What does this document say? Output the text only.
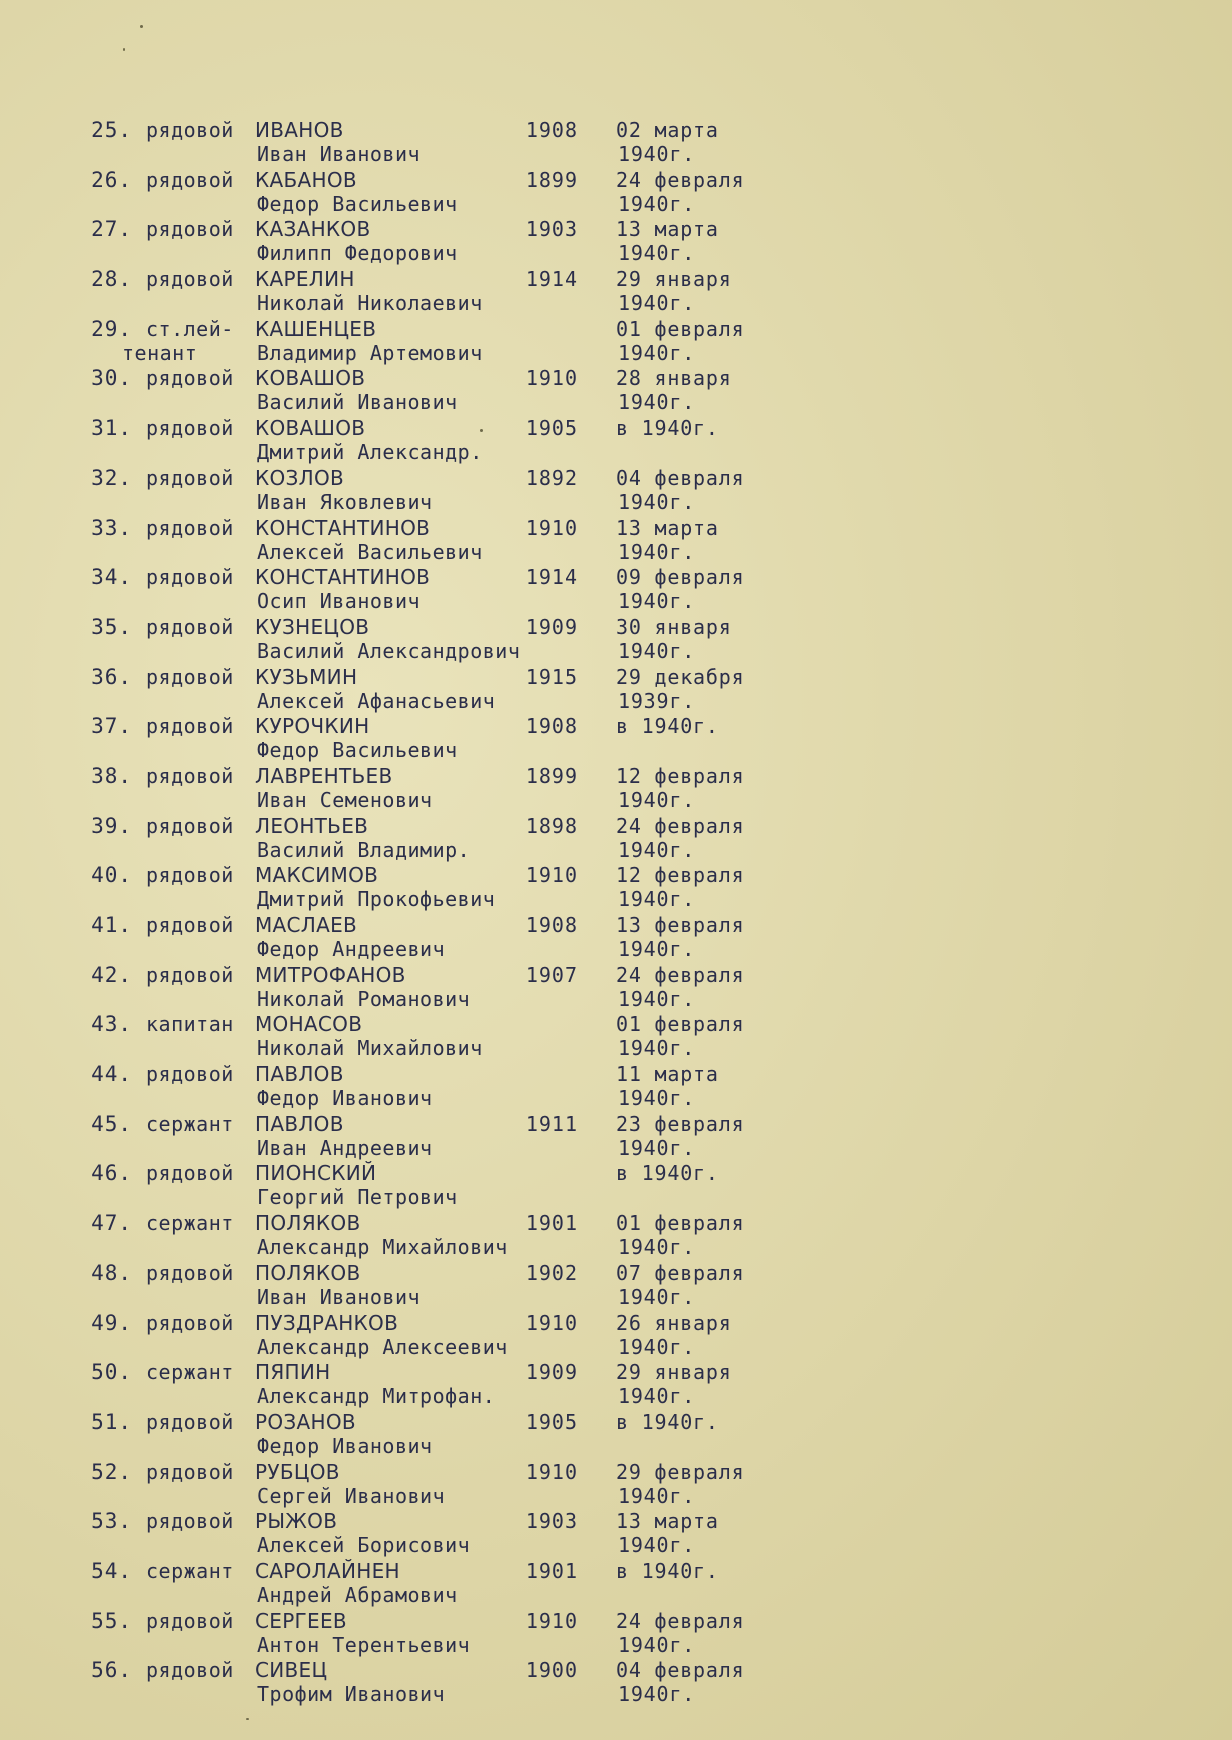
25. рядовой ИВАНОВ
Иван Иванович
1908 02 марта
1940г.
26. рядовой КАБАНОВ
Федор Васильевич
1899 24 февраля
1940г.
27. рядовой КАЗАНКОВ
Филипп Федорович
1903 13 марта
1940г.
28. рядовой КАРЕЛИН
Николай Николаевич
1914 29 января
1940г.
29. ст.лей-
тенант
КАШЕНЦЕВ
Владимир Артемович
01 февраля
1940г.
30. рядовой КОВАШОВ
Василий Иванович
1910 28 января
1940г.
31. рядовой КОВАШОВ
Дмитрий Александр.
1905 в 1940г.
32. рядовой КОЗЛОВ
Иван Яковлевич
1892 04 февраля
1940г.
33. рядовой КОНСТАНТИНОВ
Алексей Васильевич
1910 13 марта
1940г.
34. рядовой КОНСТАНТИНОВ
Осип Иванович
1914 09 февраля
1940г.
35. рядовой КУЗНЕЦОВ
Василий Александрович
1909 30 января
1940г.
36. рядовой КУЗЬМИН
Алексей Афанасьевич
1915 29 декабря
1939г.
37. рядовой КУРОЧКИН
Федор Васильевич
1908 в 1940г.
38. рядовой ЛАВРЕНТЬЕВ
Иван Семенович
1899 12 февраля
1940г.
39. рядовой ЛЕОНТЬЕВ
Василий Владимир.
1898 24 февраля
1940г.
40. рядовой МАКСИМОВ
Дмитрий Прокофьевич
1910 12 февраля
1940г.
41. рядовой МАСЛАЕВ
Федор Андреевич
1908 13 февраля
1940г.
42. рядовой МИТРОФАНОВ
Николай Романович
1907 24 февраля
1940г.
43. капитан МОНАСОВ
Николай Михайлович
01 февраля
1940г.
44. рядовой ПАВЛОВ
Федор Иванович
11 марта
1940г.
45. сержант ПАВЛОВ
Иван Андреевич
1911 23 февраля
1940г.
46. рядовой ПИОНСКИЙ
Георгий Петрович
в 1940г.
47. сержант ПОЛЯКОВ
Александр Михайлович
1901 01 февраля
1940г.
48. рядовой ПОЛЯКОВ
Иван Иванович
1902 07 февраля
1940г.
49. рядовой ПУЗДРАНКОВ
Александр Алексеевич
1910 26 января
1940г.
50. сержант ПЯПИН
Александр Митрофан.
1909 29 января
1940г.
51. рядовой РОЗАНОВ
Федор Иванович
1905 в 1940г.
52. рядовой РУБЦОВ
Сергей Иванович
1910 29 февраля
1940г.
53. рядовой РЫЖОВ
Алексей Борисович
1903 13 марта
1940г.
54. сержант САРОЛАЙНЕН
Андрей Абрамович
1901 в 1940г.
55. рядовой СЕРГЕЕВ
Антон Терентьевич
1910 24 февраля
1940г.
56. рядовой СИВЕЦ
Трофим Иванович
1900 04 февраля
1940г.
